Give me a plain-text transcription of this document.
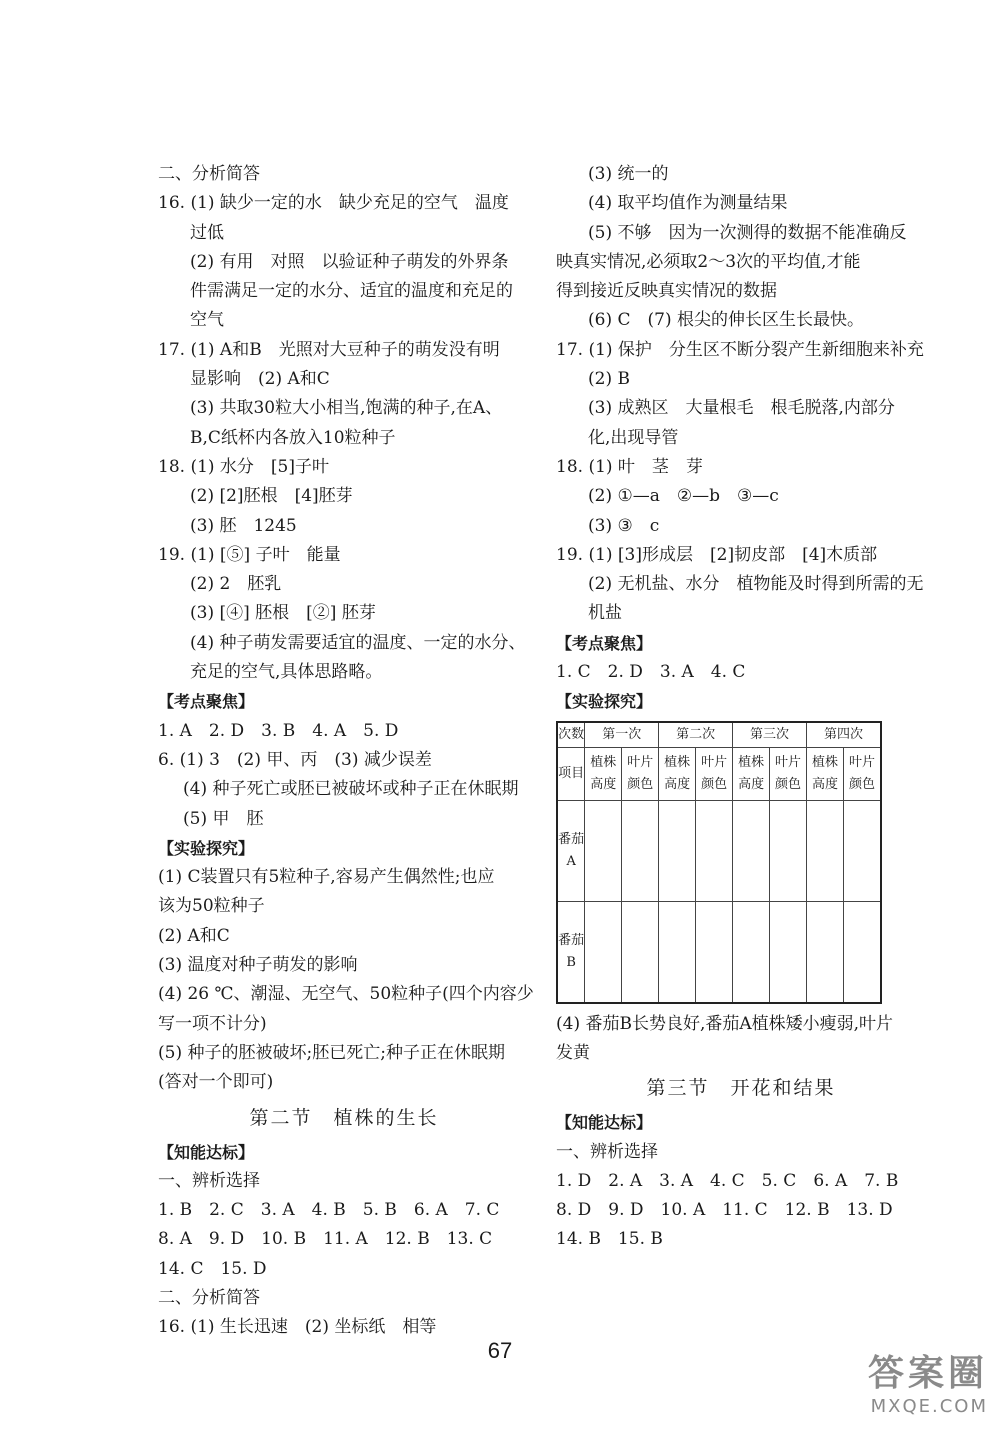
二、分析简答
16. (1) 缺少一定的水　缺少充足的空气　温度
过低
(2) 有用　对照　以验证种子萌发的外界条
件需满足一定的水分、适宜的温度和充足的
空气
17. (1) A和B　光照对大豆种子的萌发没有明
显影响　(2) A和C
(3) 共取30粒大小相当,饱满的种子,在A、
B,C纸杯内各放入10粒种子
18. (1) 水分　[5]子叶
(2) [2]胚根　[4]胚芽
(3) 胚　1245
19. (1) [⑤] 子叶　能量
(2) 2　胚乳
(3) [④] 胚根　[②] 胚芽
(4) 种子萌发需要适宜的温度、一定的水分、
充足的空气,具体思路略。
【考点聚焦】
1. A　2. D　3. B　4. A　5. D
6. (1) 3　(2) 甲、丙　(3) 减少误差
(4) 种子死亡或胚已被破坏或种子正在休眠期
(5) 甲　胚
【实验探究】
(1) C装置只有5粒种子,容易产生偶然性;也应
该为50粒种子
(2) A和C
(3) 温度对种子萌发的影响
(4) 26 ℃、潮湿、无空气、50粒种子(四个内容少
写一项不计分)
(5) 种子的胚被破坏;胚已死亡;种子正在休眠期
(答对一个即可)
第二节　植株的生长
【知能达标】
一、辨析选择
1. B　2. C　3. A　4. B　5. B　6. A　7. C
8. A　9. D　10. B　11. A　12. B　13. C
14. C　15. D
二、分析简答
16. (1) 生长迅速　(2) 坐标纸　相等
(3) 统一的
(4) 取平均值作为测量结果
(5) 不够　因为一次测得的数据不能准确反
映真实情况,必须取2～3次的平均值,才能
得到接近反映真实情况的数据
(6) C　(7) 根尖的伸长区生长最快。
17. (1) 保护　分生区不断分裂产生新细胞来补充
(2) B
(3) 成熟区　大量根毛　根毛脱落,内部分
化,出现导管
18. (1) 叶　茎　芽
(2) ①—a　②—b　③—c
(3) ③　c
19. (1) [3]形成层　[2]韧皮部　[4]木质部
(2) 无机盐、水分　植物能及时得到所需的无
机盐
【考点聚焦】
1. C　2. D　3. A　4. C
【实验探究】
次数	第一次		第二次		第三次		第四次	
项目	植株高度	叶片颜色	植株高度	叶片颜色	植株高度	叶片颜色	植株高度	叶片颜色
番茄A								
番茄B								
(4) 番茄B长势良好,番茄A植株矮小瘦弱,叶片
发黄
第三节　开花和结果
【知能达标】
一、辨析选择
1. D　2. A　3. A　4. C　5. C　6. A　7. B
8. D　9. D　10. A　11. C　12. B　13. D
14. B　15. B
67
答案圈
MXQE.COM
